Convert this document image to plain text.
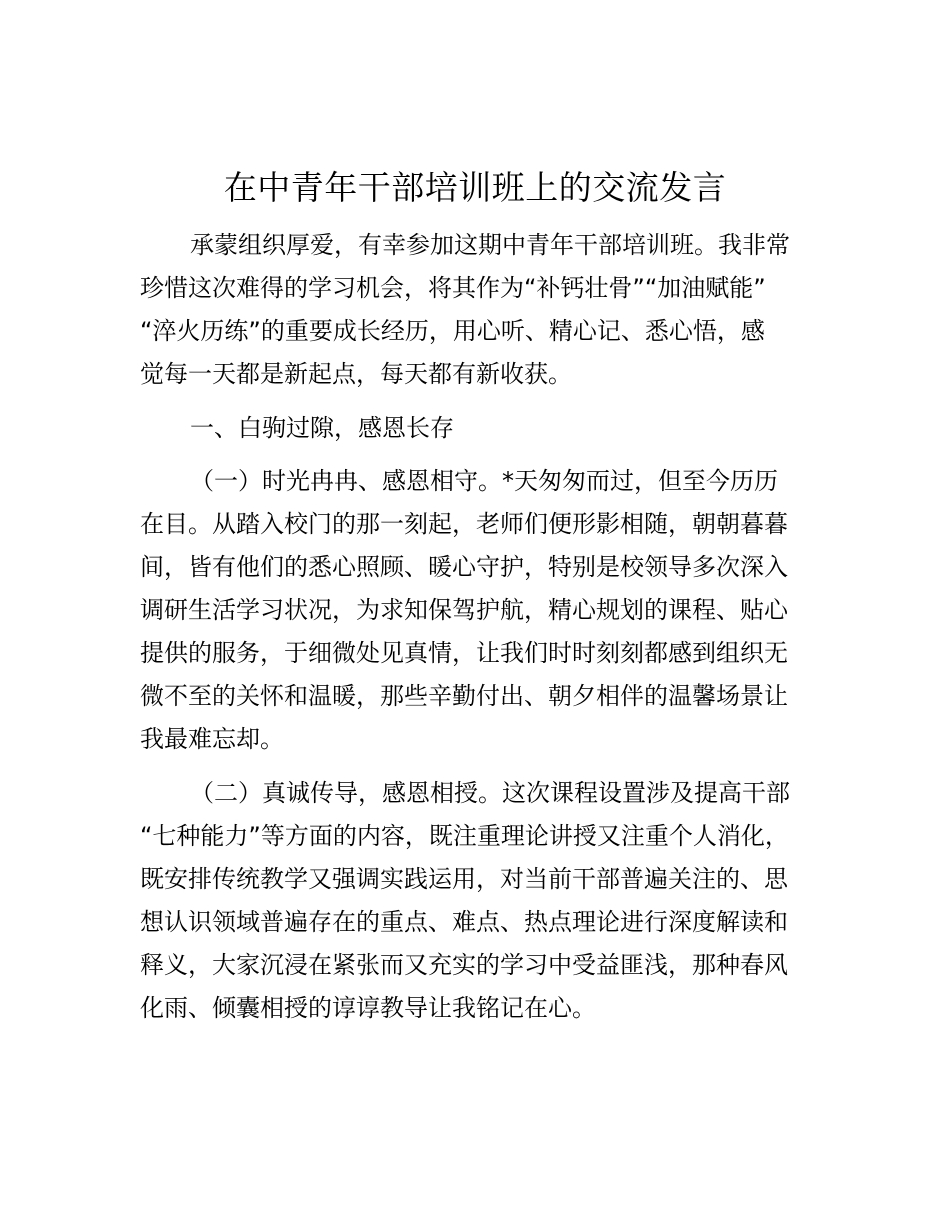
在中青年干部培训班上的交流发言
承蒙组织厚爱，有幸参加这期中青年干部培训班。我非常
珍惜这次难得的学习机会，将其作为“补钙壮骨”“加油赋能”
“淬火历练”的重要成长经历，用心听、精心记、悉心悟，感
觉每一天都是新起点，每天都有新收获。
一、白驹过隙，感恩长存
（一）时光冉冉、感恩相守。*天匆匆而过，但至今历历
在目。从踏入校门的那一刻起，老师们便形影相随，朝朝暮暮
间，皆有他们的悉心照顾、暖心守护，特别是校领导多次深入
调研生活学习状况，为求知保驾护航，精心规划的课程、贴心
提供的服务，于细微处见真情，让我们时时刻刻都感到组织无
微不至的关怀和温暖，那些辛勤付出、朝夕相伴的温馨场景让
我最难忘却。
（二）真诚传导，感恩相授。这次课程设置涉及提高干部
“七种能力”等方面的内容，既注重理论讲授又注重个人消化，
既安排传统教学又强调实践运用，对当前干部普遍关注的、思
想认识领域普遍存在的重点、难点、热点理论进行深度解读和
释义，大家沉浸在紧张而又充实的学习中受益匪浅，那种春风
化雨、倾囊相授的谆谆教导让我铭记在心。
